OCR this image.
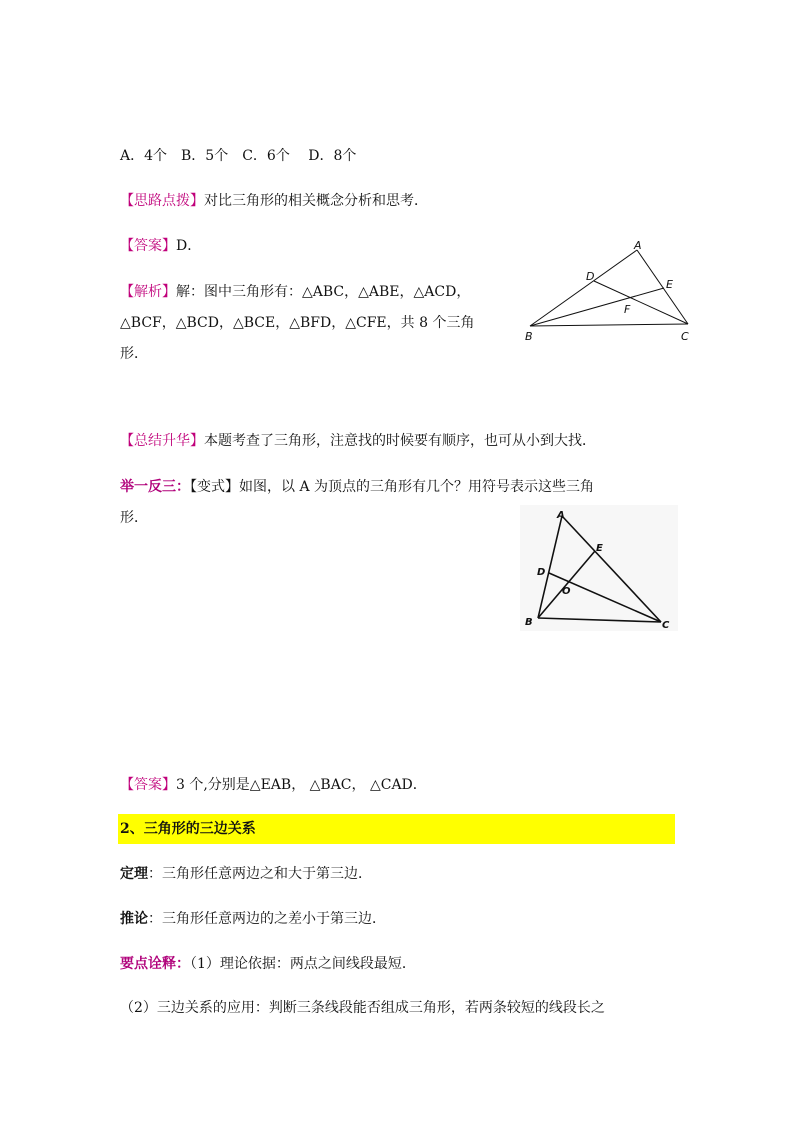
A．4个　B．5个　C．6个　 D．8个
【思路点拨】对比三角形的相关概念分析和思考．
【答案】D．
【解析】解：图中三角形有：△ABC，△ABE，△ACD，
△BCF，△BCD，△BCE，△BFD，△CFE，共 8 个三角
形．
A
D
E
F
B	C
【总结升华】本题考查了三角形，注意找的时候要有顺序，也可从小到大找．
举一反三：【变式】如图，以 A 为顶点的三角形有几个？用符号表示这些三角
形．	A
E
D
O
B	C
【答案】3 个,分别是△EAB， △BAC， △CAD．
2、三角形的三边关系
定理：三角形任意两边之和大于第三边．
推论：三角形任意两边的之差小于第三边．
要点诠释：（1）理论依据：两点之间线段最短．
（2）三边关系的应用：判断三条线段能否组成三角形，若两条较短的线段长之
